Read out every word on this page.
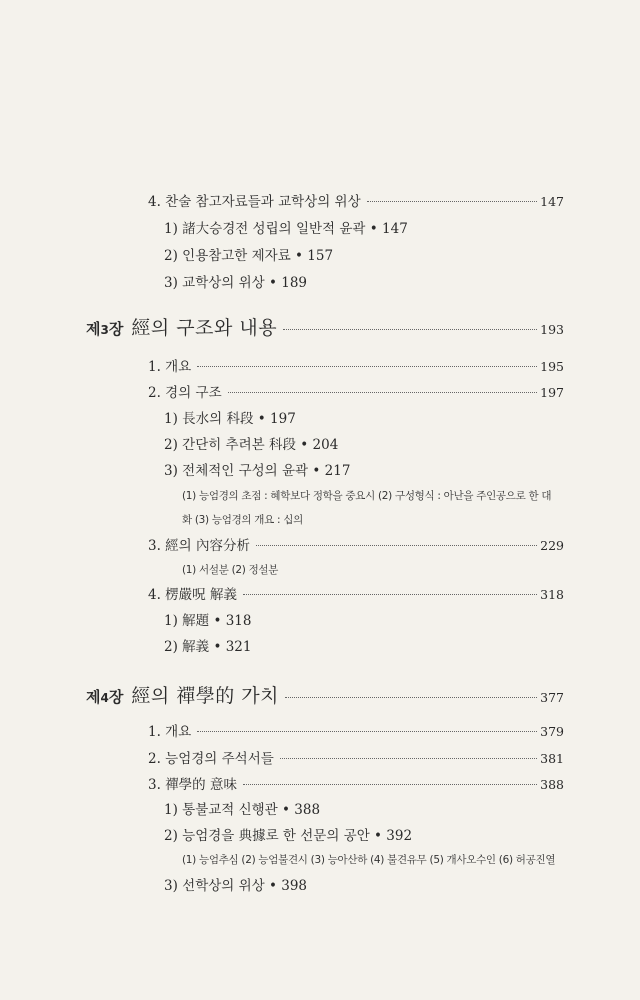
4. 찬술 참고자료들과 교학상의 위상	147
1) 諸大승경전 성립의 일반적 윤곽 • 147
2) 인용참고한 제자료 • 157
3) 교학상의 위상 • 189
제3장 經의 구조와 내용	193
1. 개요	195
2. 경의 구조	197
1) 長水의 科段 • 197
2) 간단히 추려본 科段 • 204
3) 전체적인 구성의 윤곽 • 217
(1) 능엄경의 초점 : 혜학보다 정학을 중요시 (2) 구성형식 : 아난을 주인공으로 한 대
화 (3) 능엄경의 개요 : 십의
3. 經의 內容分析	229
(1) 서설분 (2) 정설분
4. 楞嚴呪 解義	318
1) 解題 • 318
2) 解義 • 321
제4장 經의 禪學的 가치	377
1. 개요	379
2. 능엄경의 주석서들	381
3. 禪學的 意味	388
1) 통불교적 신행관 • 388
2) 능엄경을 典據로 한 선문의 공안 • 392
(1) 능엄추심 (2) 능엄불견시 (3) 능아산하 (4) 불견유무 (5) 개사오수인 (6) 허공진열
3) 선학상의 위상 • 398
